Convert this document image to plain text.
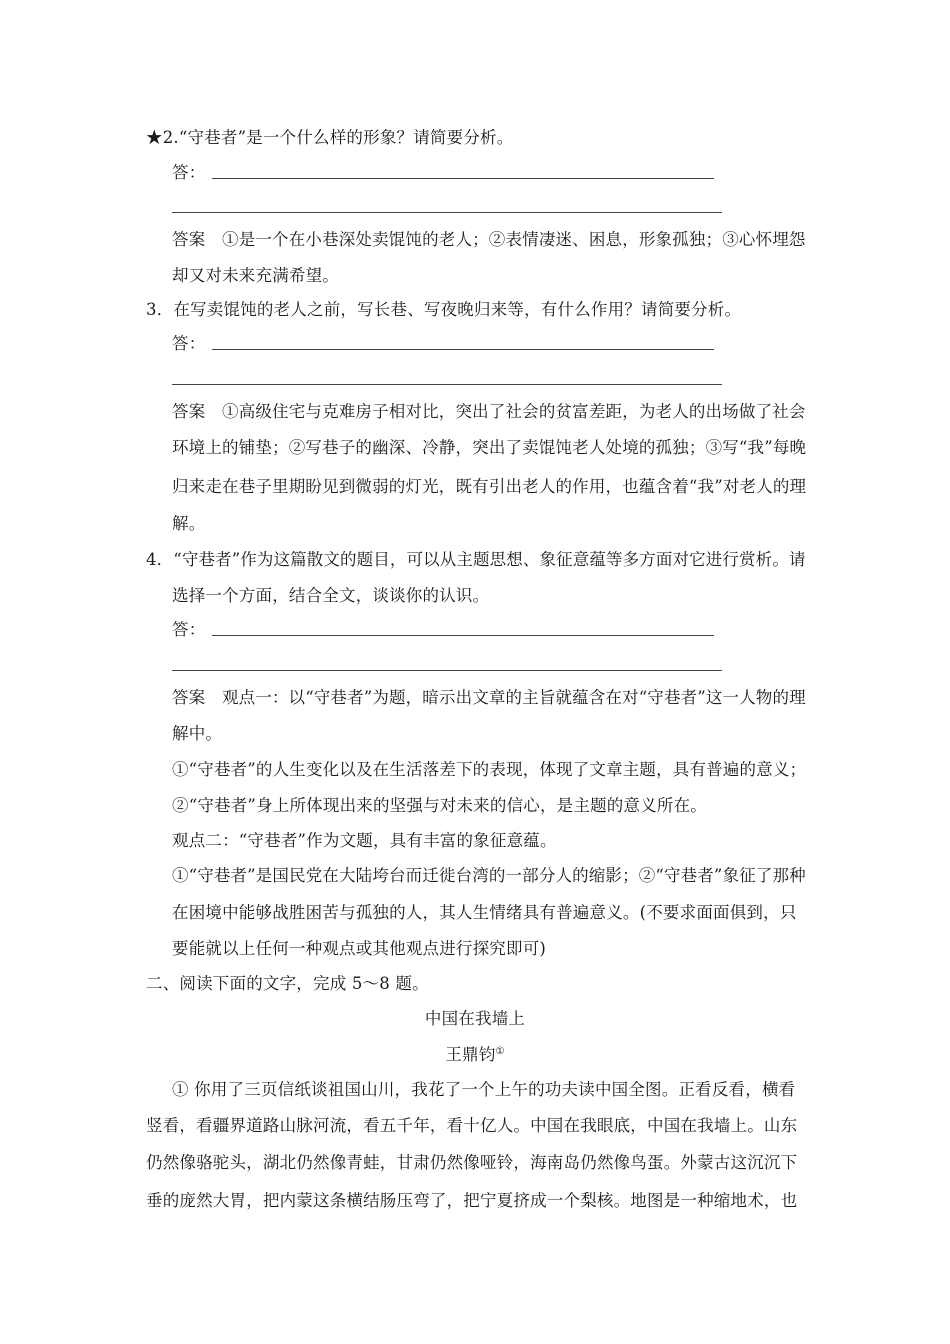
★2.“守巷者”是一个什么样的形象？请简要分析。
答：
答案　①是一个在小巷深处卖馄饨的老人；②表情凄迷、困息，形象孤独；③心怀埋怨
却又对未来充满希望。
3．在写卖馄饨的老人之前，写长巷、写夜晚归来等，有什么作用？请简要分析。
答：
答案　①高级住宅与克难房子相对比，突出了社会的贫富差距，为老人的出场做了社会
环境上的铺垫；②写巷子的幽深、冷静，突出了卖馄饨老人处境的孤独；③写“我”每晚
归来走在巷子里期盼见到微弱的灯光，既有引出老人的作用，也蕴含着“我”对老人的理
解。
4．“守巷者”作为这篇散文的题目，可以从主题思想、象征意蕴等多方面对它进行赏析。请
选择一个方面，结合全文，谈谈你的认识。
答：
答案　观点一：以“守巷者”为题，暗示出文章的主旨就蕴含在对“守巷者”这一人物的理
解中。
①“守巷者”的人生变化以及在生活落差下的表现，体现了文章主题，具有普遍的意义；
②“守巷者”身上所体现出来的坚强与对未来的信心，是主题的意义所在。
观点二：“守巷者”作为文题，具有丰富的象征意蕴。
①“守巷者”是国民党在大陆垮台而迁徙台湾的一部分人的缩影；②“守巷者”象征了那种
在困境中能够战胜困苦与孤独的人，其人生情绪具有普遍意义。(不要求面面俱到，只
要能就以上任何一种观点或其他观点进行探究即可)
二、阅读下面的文字，完成 5～8 题。
中国在我墙上
王鼎钧①
① 你用了三页信纸谈祖国山川，我花了一个上午的功夫读中国全图。正看反看，横看
竖看，看疆界道路山脉河流，看五千年，看十亿人。中国在我眼底，中国在我墙上。山东
仍然像骆驼头，湖北仍然像青蛙，甘肃仍然像哑铃，海南岛仍然像鸟蛋。外蒙古这沉沉下
垂的庞然大胃，把内蒙这条横结肠压弯了，把宁夏挤成一个梨核。地图是一种缩地术，也
